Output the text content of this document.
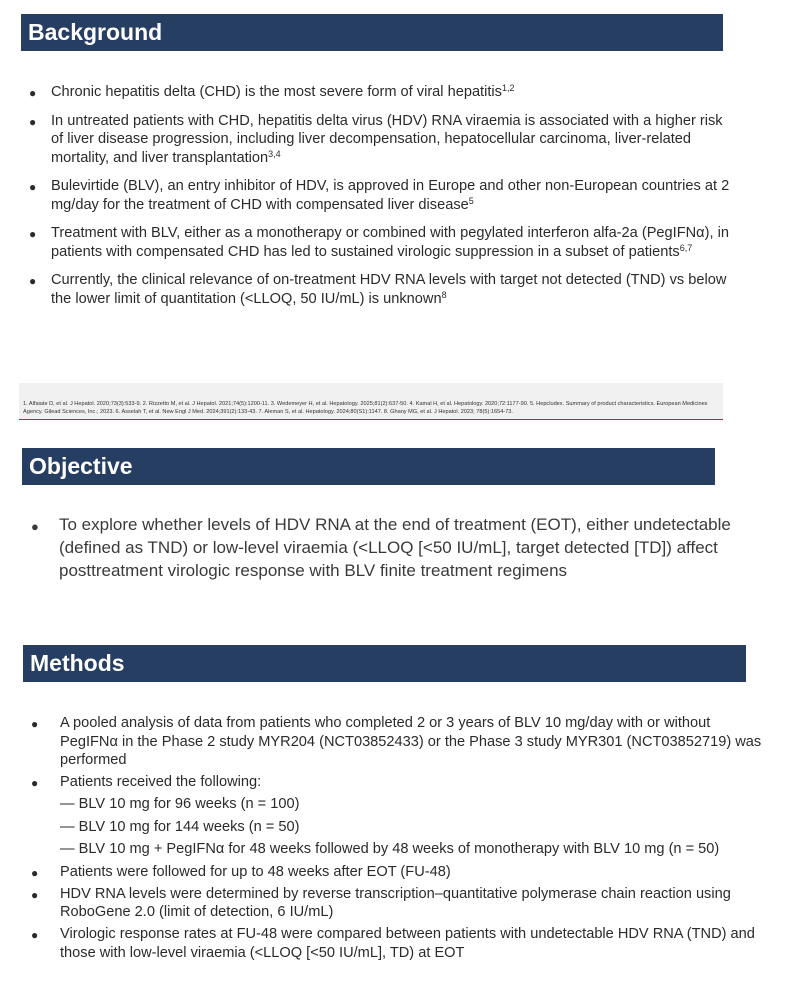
Background
● Chronic hepatitis delta (CHD) is the most severe form of viral hepatitis$^{1,2}$
● In untreated patients with CHD, hepatitis delta virus (HDV) RNA viraemia is associated with a higher risk of liver disease progression, including liver decompensation, hepatocellular carcinoma, liver-related mortality, and liver transplantation$^{3,4}$
● Bulevirtide (BLV), an entry inhibitor of HDV, is approved in Europe and other non-European countries at 2 mg/day for the treatment of CHD with compensated liver disease$^5$
● Treatment with BLV, either as a monotherapy or combined with pegylated interferon alfa-2a (PegIFNα), in patients with compensated CHD has led to sustained virologic suppression in a subset of patients$^{6,7}$
● Currently, the clinical relevance of on-treatment HDV RNA levels with target not detected (TND) vs below the lower limit of quantitation (<LLOQ, 50 IU/mL) is unknown$^8$
1. Alfaiate D, et al. J Hepatol. 2020;73(3):533-9. 2. Rizzetto M, et al. J Hepatol. 2021;74(5):1200-11. 3. Wedemeyer H, et al. Hepatology. 2025;81(2):637-50. 4. Kamal H, et al. Hepatology. 2020;72:1177-90. 5. Hepcludex. Summary of product characteristics. European Medicines Agency. Gilead Sciences, Inc.; 2023. 6. Asselah T, et al. New Engl J Med. 2024;391(2):133-43. 7. Aleman S, et al. Hepatology. 2024;80(S1):1147. 8. Ghany MG, et al. J Hepatol. 2023; 78(5):1654-73.
Objective
● To explore whether levels of HDV RNA at the end of treatment (EOT), either undetectable (defined as TND) or low-level viraemia (<LLOQ [<50 IU/mL], target detected [TD]) affect posttreatment virologic response with BLV finite treatment regimens
Methods
● A pooled analysis of data from patients who completed 2 or 3 years of BLV 10 mg/day with or without PegIFNα in the Phase 2 study MYR204 (NCT03852433) or the Phase 3 study MYR301 (NCT03852719) was performed
● Patients received the following:
— BLV 10 mg for 96 weeks (n = 100)
— BLV 10 mg for 144 weeks (n = 50)
— BLV 10 mg + PegIFNα for 48 weeks followed by 48 weeks of monotherapy with BLV 10 mg (n = 50)
● Patients were followed for up to 48 weeks after EOT (FU-48)
● HDV RNA levels were determined by reverse transcription–quantitative polymerase chain reaction using RoboGene 2.0 (limit of detection, 6 IU/mL)
● Virologic response rates at FU-48 were compared between patients with undetectable HDV RNA (TND) and those with low-level viraemia (<LLOQ [<50 IU/mL], TD) at EOT
